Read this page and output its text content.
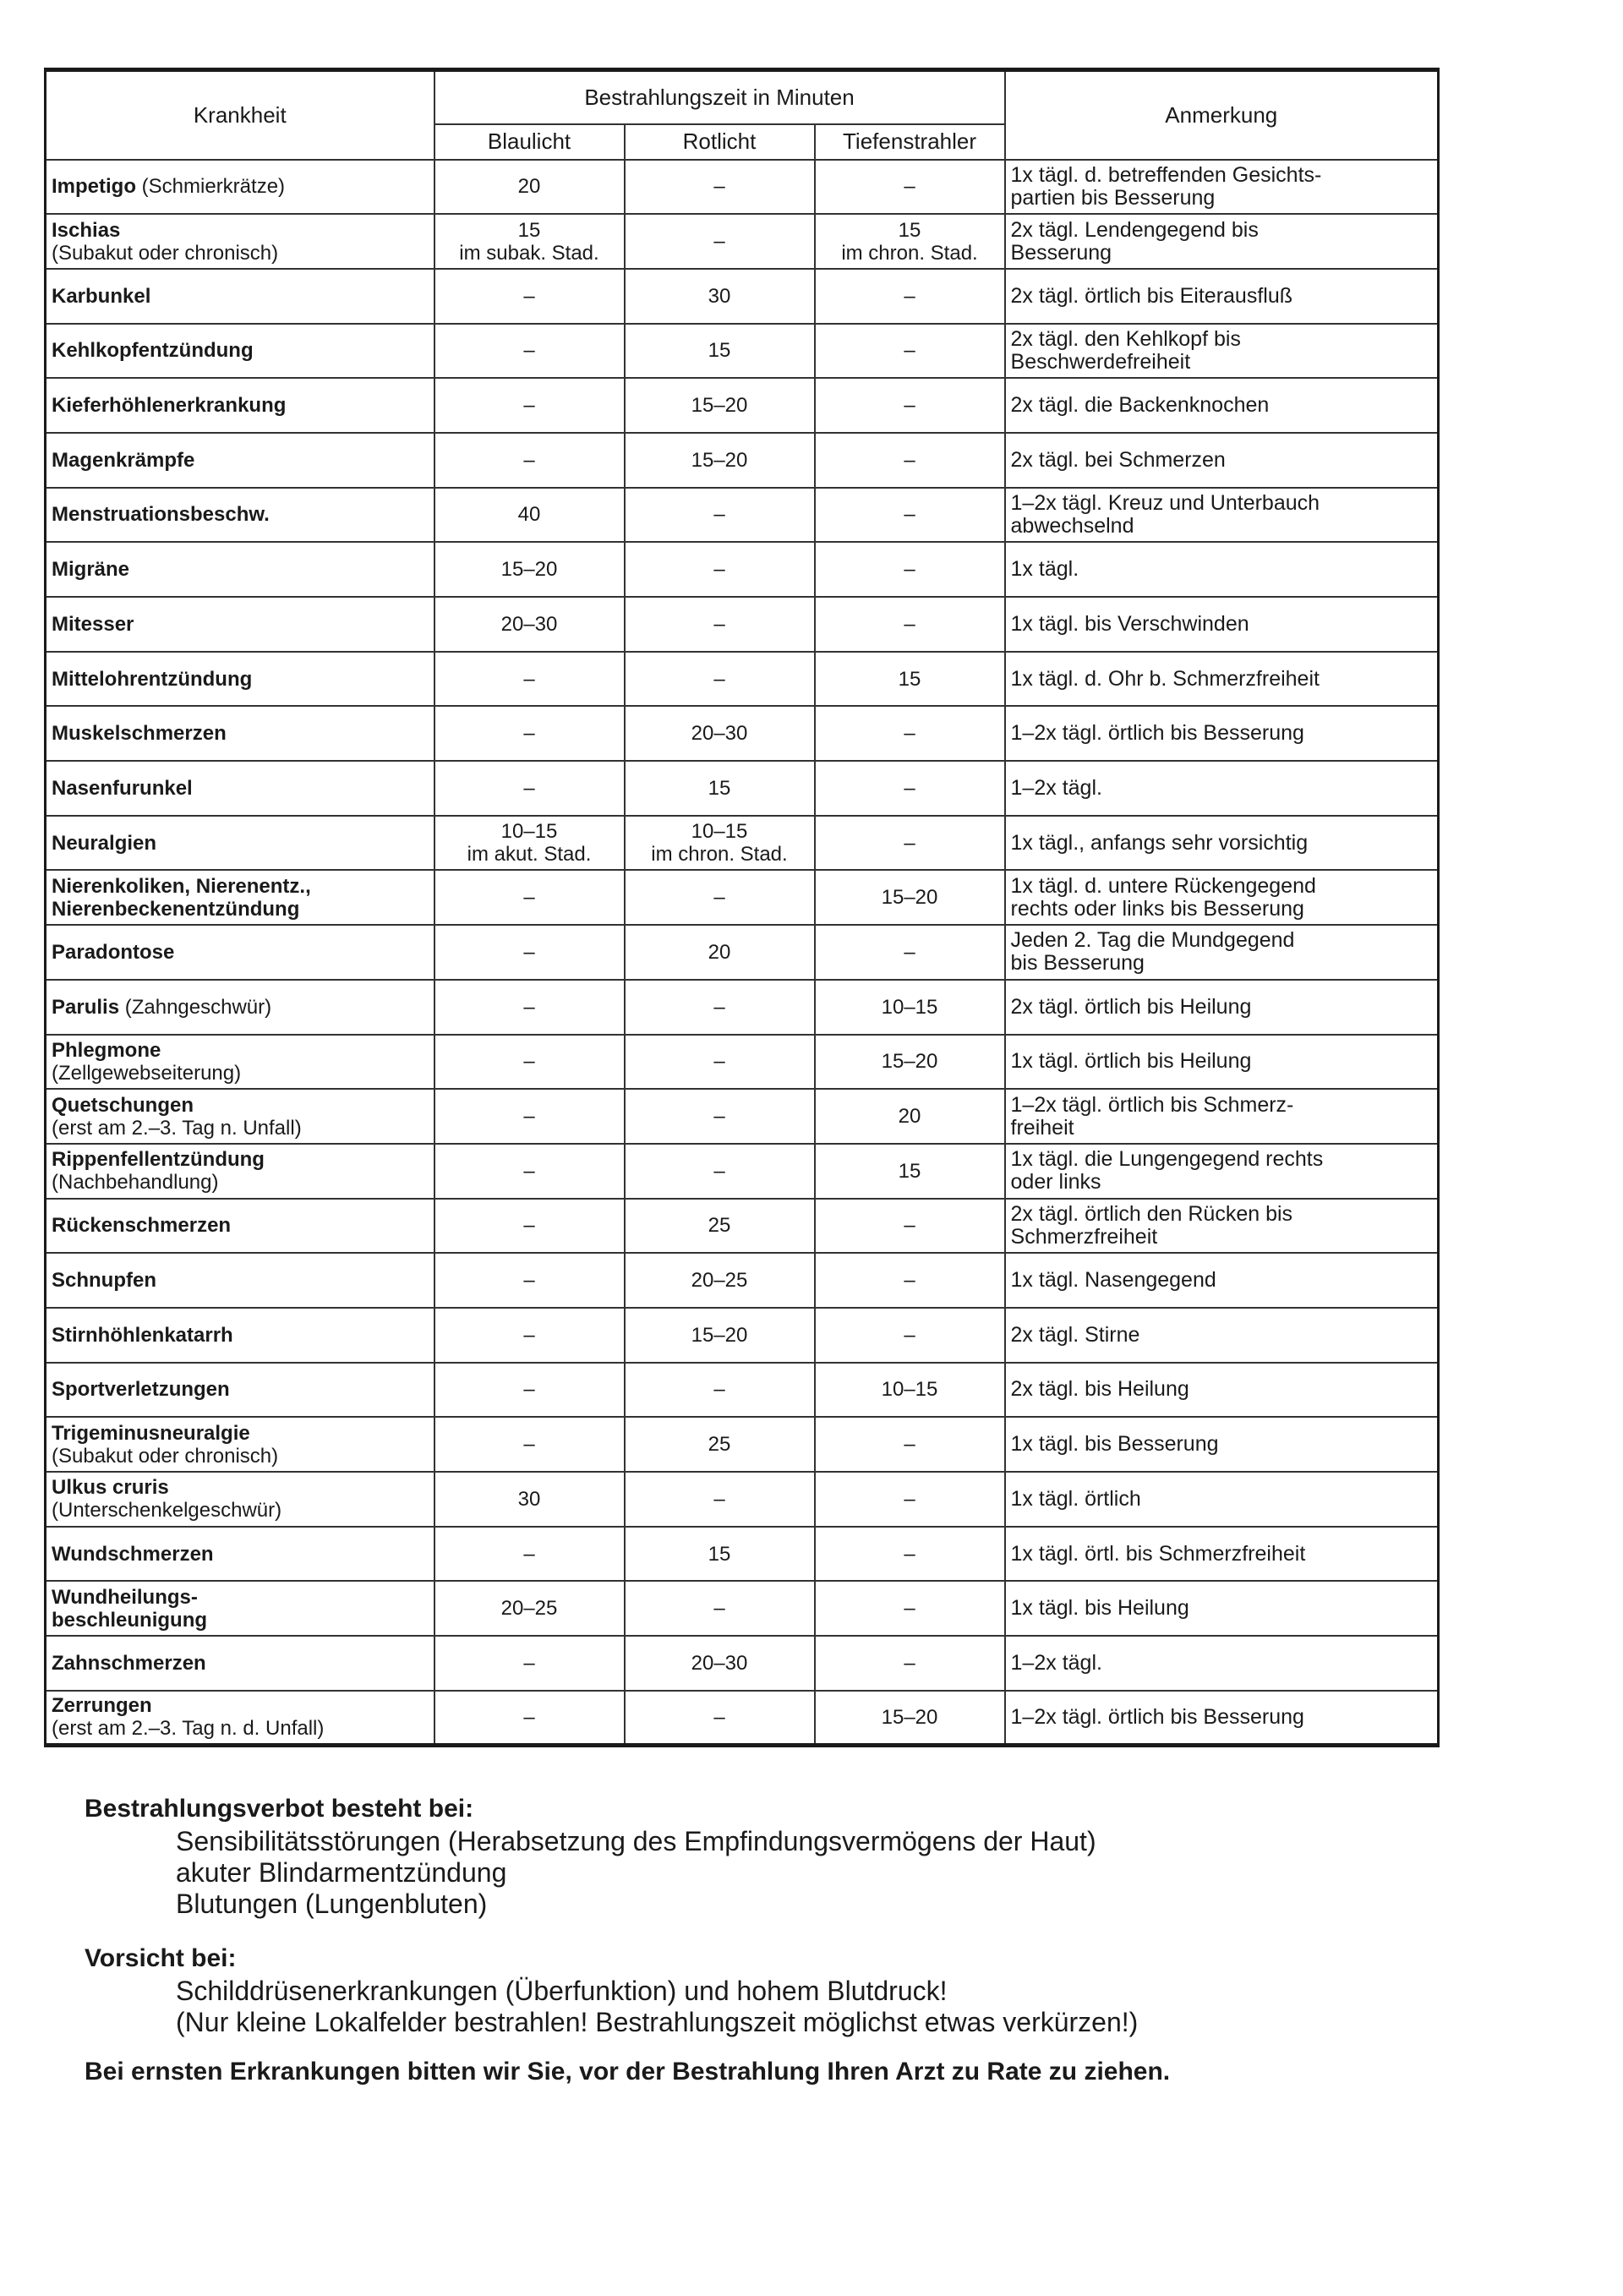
Krankheit	Bestrahlungszeit in Minuten			Anmerkung
	Blaulicht	Rotlicht	Tiefenstrahler	
Impetigo (Schmierkrätze)	20	–	–	1x tägl. d. betreffenden Gesichts-
partien bis Besserung
Ischias
(Subakut oder chronisch)	15
im subak. Stad.	–	15
im chron. Stad.	2x tägl. Lendengegend bis
Besserung
Karbunkel	–	30	–	2x tägl. örtlich bis Eiterausfluß
Kehlkopfentzündung	–	15	–	2x tägl. den Kehlkopf bis
Beschwerdefreiheit
Kieferhöhlenerkrankung	–	15–20	–	2x tägl. die Backenknochen
Magenkrämpfe	–	15–20	–	2x tägl. bei Schmerzen
Menstruationsbeschw.	40	–	–	1–2x tägl. Kreuz und Unterbauch
abwechselnd
Migräne	15–20	–	–	1x tägl.
Mitesser	20–30	–	–	1x tägl. bis Verschwinden
Mittelohrentzündung	–	–	15	1x tägl. d. Ohr b. Schmerzfreiheit
Muskelschmerzen	–	20–30	–	1–2x tägl. örtlich bis Besserung
Nasenfurunkel	–	15	–	1–2x tägl.
Neuralgien	10–15
im akut. Stad.	10–15
im chron. Stad.	–	1x tägl., anfangs sehr vorsichtig
Nierenkoliken, Nierenentz.,
Nierenbeckenentzündung	–	–	15–20	1x tägl. d. untere Rückengegend
rechts oder links bis Besserung
Paradontose	–	20	–	Jeden 2. Tag die Mundgegend
bis Besserung
Parulis (Zahngeschwür)	–	–	10–15	2x tägl. örtlich bis Heilung
Phlegmone
(Zellgewebseiterung)	–	–	15–20	1x tägl. örtlich bis Heilung
Quetschungen
(erst am 2.–3. Tag n. Unfall)	–	–	20	1–2x tägl. örtlich bis Schmerz-
freiheit
Rippenfellentzündung
(Nachbehandlung)	–	–	15	1x tägl. die Lungengegend rechts
oder links
Rückenschmerzen	–	25	–	2x tägl. örtlich den Rücken bis
Schmerzfreiheit
Schnupfen	–	20–25	–	1x tägl. Nasengegend
Stirnhöhlenkatarrh	–	15–20	–	2x tägl. Stirne
Sportverletzungen	–	–	10–15	2x tägl. bis Heilung
Trigeminusneuralgie
(Subakut oder chronisch)	–	25	–	1x tägl. bis Besserung
Ulkus cruris
(Unterschenkelgeschwür)	30	–	–	1x tägl. örtlich
Wundschmerzen	–	15	–	1x tägl. örtl. bis Schmerzfreiheit
Wundheilungs-
beschleunigung	20–25	–	–	1x tägl. bis Heilung
Zahnschmerzen	–	20–30	–	1–2x tägl.
Zerrungen
(erst am 2.–3. Tag n. d. Unfall)	–	–	15–20	1–2x tägl. örtlich bis Besserung
Bestrahlungsverbot besteht bei:
Sensibilitätsstörungen (Herabsetzung des Empfindungsvermögens der Haut)
akuter Blindarmentzündung
Blutungen (Lungenbluten)
Vorsicht bei:
Schilddrüsenerkrankungen (Überfunktion) und hohem Blutdruck!
(Nur kleine Lokalfelder bestrahlen! Bestrahlungszeit möglichst etwas verkürzen!)
Bei ernsten Erkrankungen bitten wir Sie, vor der Bestrahlung Ihren Arzt zu Rate zu ziehen.
